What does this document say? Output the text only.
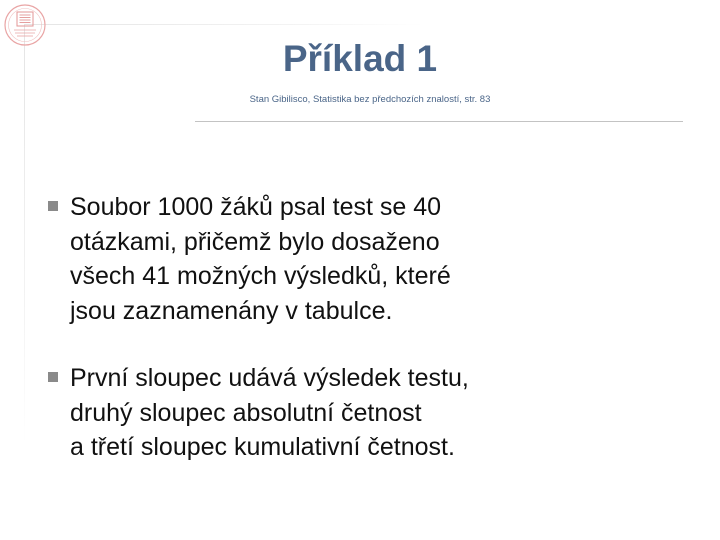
Příklad 1
Stan Gibilisco, Statistika bez předchozích znalostí, str. 83
Soubor 1000 žáků psal test se 40
otázkami, přičemž bylo dosaženo
všech 41 možných výsledků, které
jsou zaznamenány v tabulce.
První sloupec udává výsledek testu,
druhý sloupec absolutní četnost
a třetí sloupec kumulativní četnost.
